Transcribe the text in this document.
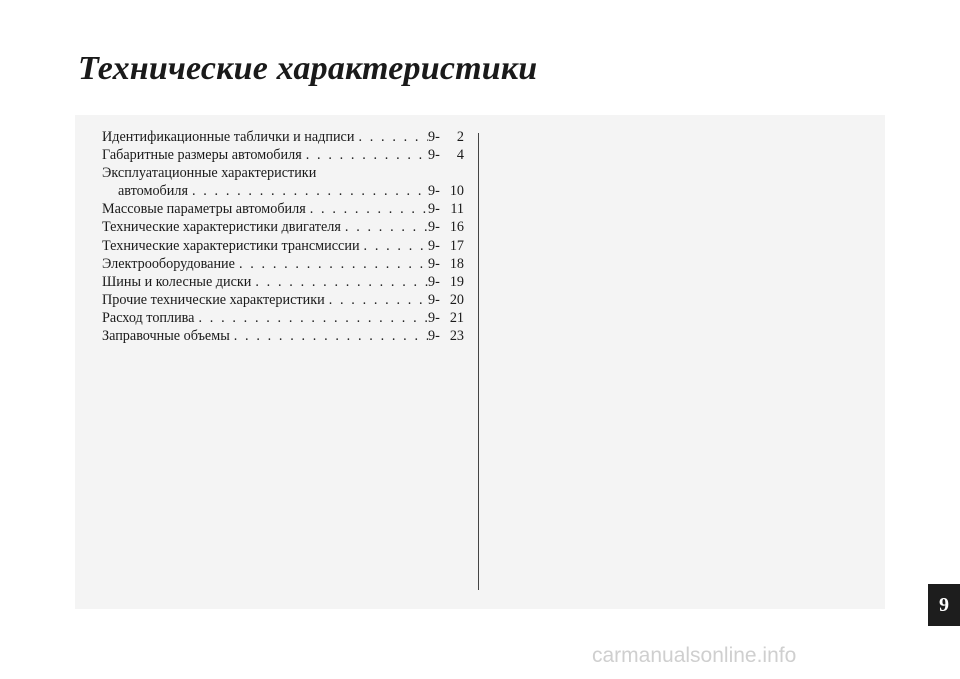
Технические характеристики
Идентификационные таблички и надписи . . .	9-	2
Габаритные размеры автомобиля . . .	9-	4
Эксплуатационные характеристики
автомобиля . . .	9- 10
Массовые параметры автомобиля . . .	9- 11
Технические характеристики двигателя . . .	9- 16
Технические характеристики трансмиссии . . .	9- 17
Электрооборудование . . .	9- 18
Шины и колесные диски . . .	9- 19
Прочие технические характеристики . . .	9- 20
Расход топлива . . .	9- 21
Заправочные объемы . . .	9- 23
9
carmanualsonline.info
